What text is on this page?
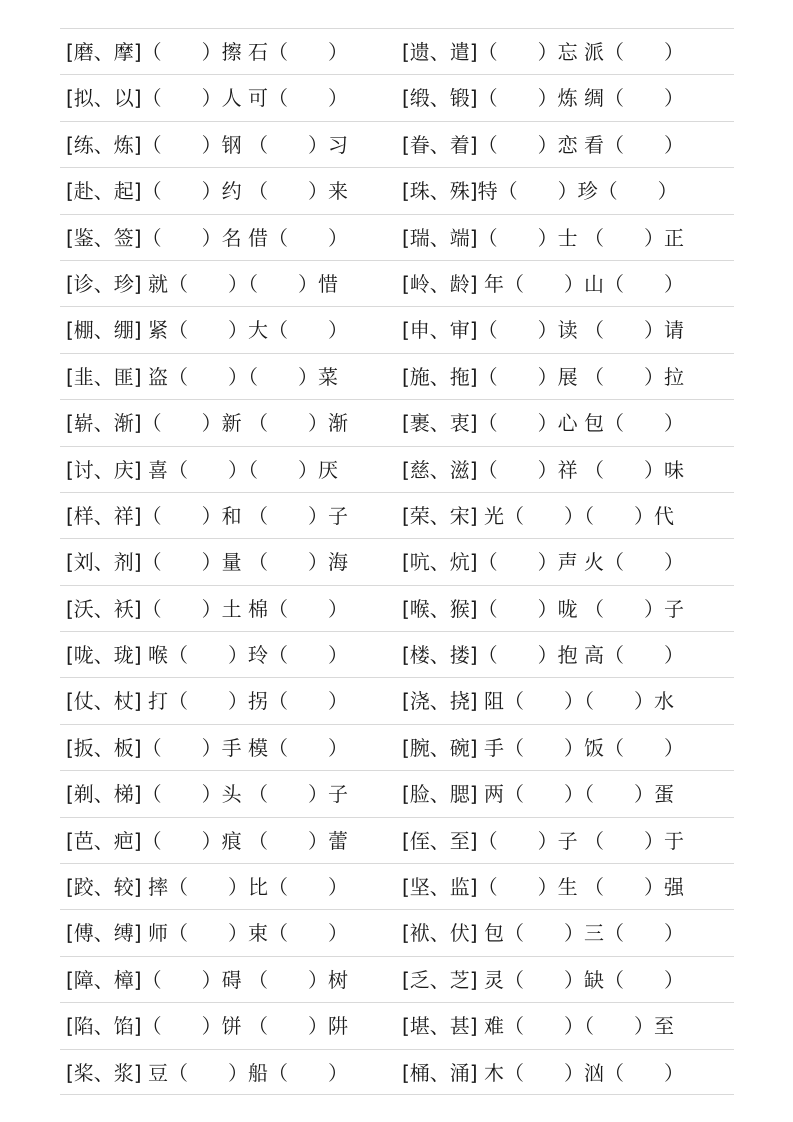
[磨、摩]（　　）擦 石（　　）	[遗、遣]（　　）忘 派（　　）
[拟、以]（　　）人 可（　　）	[缎、锻]（　　）炼 绸（　　）
[练、炼]（　　）钢 （　　）习	[眷、着]（　　）恋 看（　　）
[赴、起]（　　）约 （　　）来	[珠、殊]特（　　）珍（　　）
[鉴、签]（　　）名 借（　　）	[瑞、端]（　　）士 （　　）正
[诊、珍] 就（　　）（　　）惜	[岭、龄] 年（　　）山（　　）
[棚、绷] 紧（　　）大（　　）	[申、审]（　　）读 （　　）请
[韭、匪] 盗（　　）（　　）菜	[施、拖]（　　）展 （　　）拉
[崭、渐]（　　）新 （　　）渐	[裹、衷]（　　）心 包（　　）
[讨、庆] 喜（　　）（　　）厌	[慈、滋]（　　）祥 （　　）味
[样、祥]（　　）和 （　　）子	[荣、宋] 光（　　）（　　）代
[刘、剂]（　　）量 （　　）海	[吭、炕]（　　）声 火（　　）
[沃、袄]（　　）土 棉（　　）	[喉、猴]（　　）咙 （　　）子
[咙、珑] 喉（　　）玲（　　）	[楼、搂]（　　）抱 高（　　）
[仗、杖] 打（　　）拐（　　）	[浇、挠] 阻（　　）（　　）水
[扳、板]（　　）手 模（　　）	[腕、碗] 手（　　）饭（　　）
[剃、梯]（　　）头 （　　）子	[脸、腮] 两（　　）（　　）蛋
[芭、疤]（　　）痕 （　　）蕾	[侄、至]（　　）子 （　　）于
[跤、较] 摔（　　）比（　　）	[坚、监]（　　）生 （　　）强
[傅、缚] 师（　　）束（　　）	[袱、伏] 包（　　）三（　　）
[障、樟]（　　）碍 （　　）树	[乏、芝] 灵（　　）缺（　　）
[陷、馅]（　　）饼 （　　）阱	[堪、甚] 难（　　）（　　）至
[桨、浆] 豆（　　）船（　　）	[桶、涌] 木（　　）汹（　　）
